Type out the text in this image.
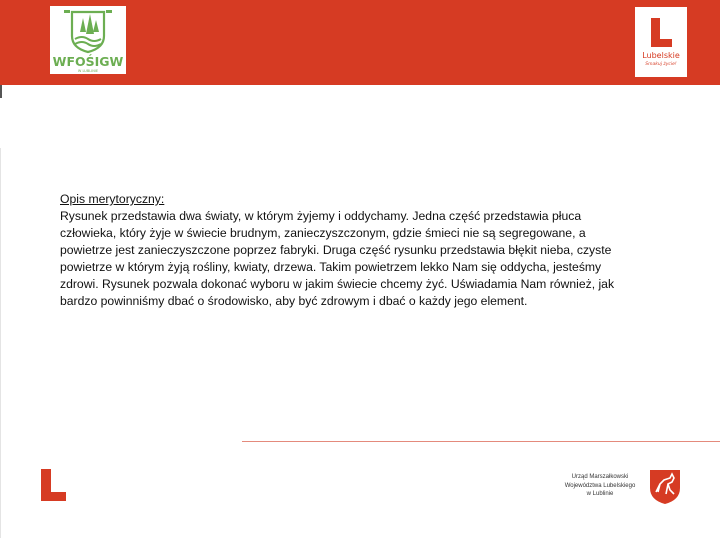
WFOŚIGW
W LUBLINIE
Lubelskie
Smakuj życie!
Opis merytoryczny:
Rysunek przedstawia dwa światy, w którym żyjemy i oddychamy. Jedna część przedstawia płuca
człowieka, który żyje w świecie brudnym, zanieczyszczonym, gdzie śmieci nie są segregowane, a
powietrze jest zanieczyszczone poprzez fabryki. Druga część rysunku przedstawia błękit nieba, czyste
powietrze w którym żyją rośliny, kwiaty, drzewa. Takim powietrzem lekko Nam się oddycha, jesteśmy
zdrowi. Rysunek pozwala dokonać wyboru w jakim świecie chcemy żyć. Uświadamia Nam również, jak
bardzo powinniśmy dbać o środowisko, aby być zdrowym i dbać o każdy jego element.
Urząd Marszałkowski
Województwa Lubelskiego
w Lublinie
